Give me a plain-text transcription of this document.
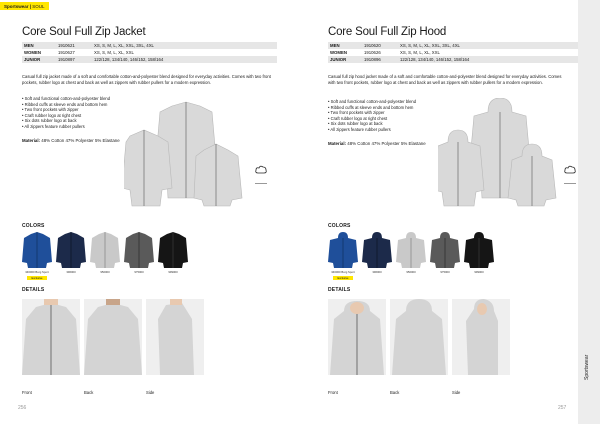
Sportswear | SOUL
Core Soul Full Zip Jacket
MEN	1910621	XS, S, M, L, XL, XXL, 3XL, 4XL
WOMEN	1910627	XS, S, M, L, XL, XXL
JUNIOR	1910897	122/128, 134/140, 146/152, 158/164
Casual full zip jacket made of a soft and comfortable cotton-and-polyester blend designed for everyday activities. Comes with two front pockets, rubber logo at chest and back as well as zippers with rubber pullers for a modern expression.
• Soft and functional cotton-and-polyester blend
• Ribbed cuffs at sleeve ends and bottom hem
• Two front pockets with zipper
• Craft rubber logo at right chest
• Six dots rubber logo at back
• All zippers feature rubber pullers
Material: 48% Cotton 47% Polyester 5% Elastane
COLORS
346000 Burg Sport
Exclusive
396000	950000	975000	999000
DETAILS
Front	Back	Side
256
Core Soul Full Zip Hood
MEN	1910620	XS, S, M, L, XL, XXL, 3XL, 4XL
WOMEN	1910626	XS, S, M, L, XL, XXL
JUNIOR	1910896	122/128, 134/140, 146/152, 158/164
Casual full zip hood jacket made of a soft and comfortable cotton-and-polyester blend designed for everyday activities. Comes with two front pockets, rubber logo at chest and back as well as zippers with rubber pullers for a modern expression.
• Soft and functional cotton-and-polyester blend
• Ribbed cuffs at sleeve ends and bottom hem
• Two front pockets with zipper
• Craft rubber logo at right chest
• Six dots rubber logo at back
• All zippers feature rubber pullers
Material: 48% Cotton 47% Polyester 5% Elastane
COLORS
346000 Burg Sport
Exclusive
396000	950000	975000	999000
DETAILS
Front	Back	Side
257
Sportswear
